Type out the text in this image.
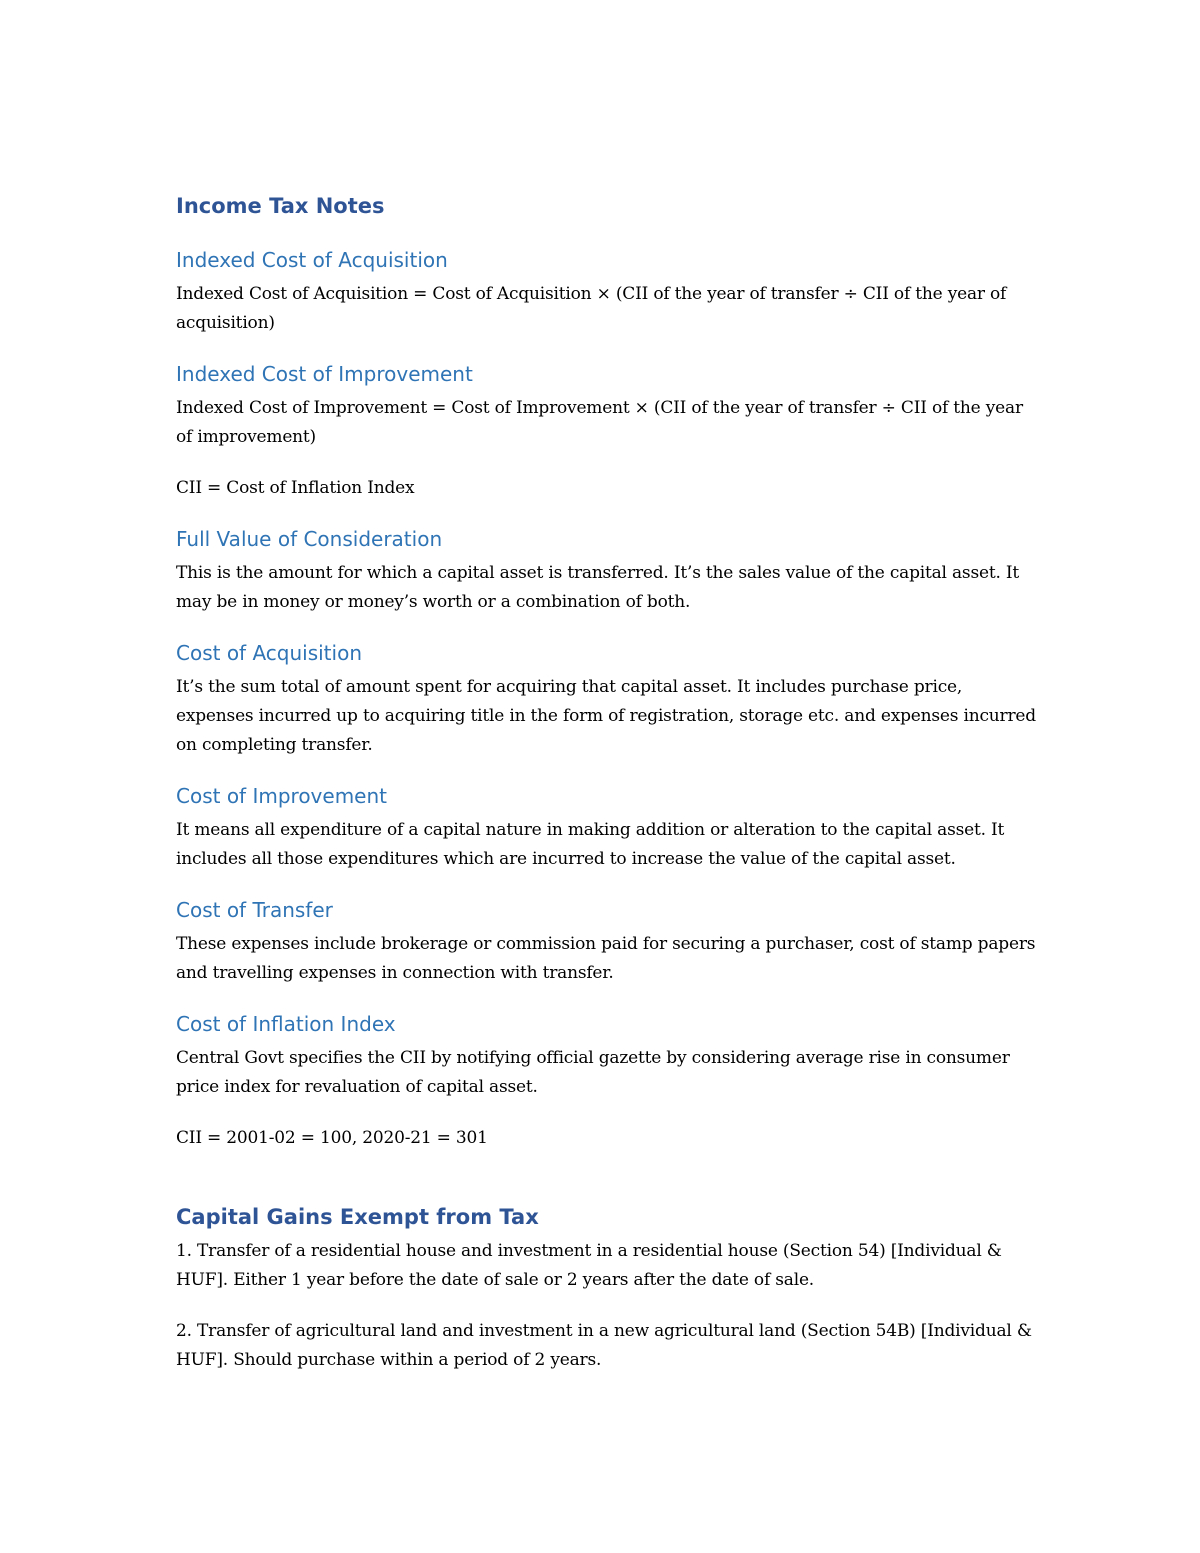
Income Tax Notes
Indexed Cost of Acquisition

Indexed Cost of Acquisition = Cost of Acquisition × (CII of the year of transfer ÷ CII of the year of acquisition)

Indexed Cost of Improvement

Indexed Cost of Improvement = Cost of Improvement × (CII of the year of transfer ÷ CII of the year of improvement)

CII = Cost of Inflation Index

Full Value of Consideration

This is the amount for which a capital asset is transferred. It’s the sales value of the capital asset. It may be in money or money’s worth or a combination of both.

Cost of Acquisition

It’s the sum total of amount spent for acquiring that capital asset. It includes purchase price, expenses incurred up to acquiring title in the form of registration, storage etc. and expenses incurred on completing transfer.

Cost of Improvement

It means all expenditure of a capital nature in making addition or alteration to the capital asset. It includes all those expenditures which are incurred to increase the value of the capital asset.

Cost of Transfer

These expenses include brokerage or commission paid for securing a purchaser, cost of stamp papers and travelling expenses in connection with transfer.

Cost of Inflation Index

Central Govt specifies the CII by notifying official gazette by considering average rise in consumer price index for revaluation of capital asset.

CII = 2001-02 = 100, 2020-21 = 301

Capital Gains Exempt from Tax

1. Transfer of a residential house and investment in a residential house (Section 54) [Individual & HUF]. Either 1 year before the date of sale or 2 years after the date of sale.

2. Transfer of agricultural land and investment in a new agricultural land (Section 54B) [Individual & HUF]. Should purchase within a period of 2 years.
